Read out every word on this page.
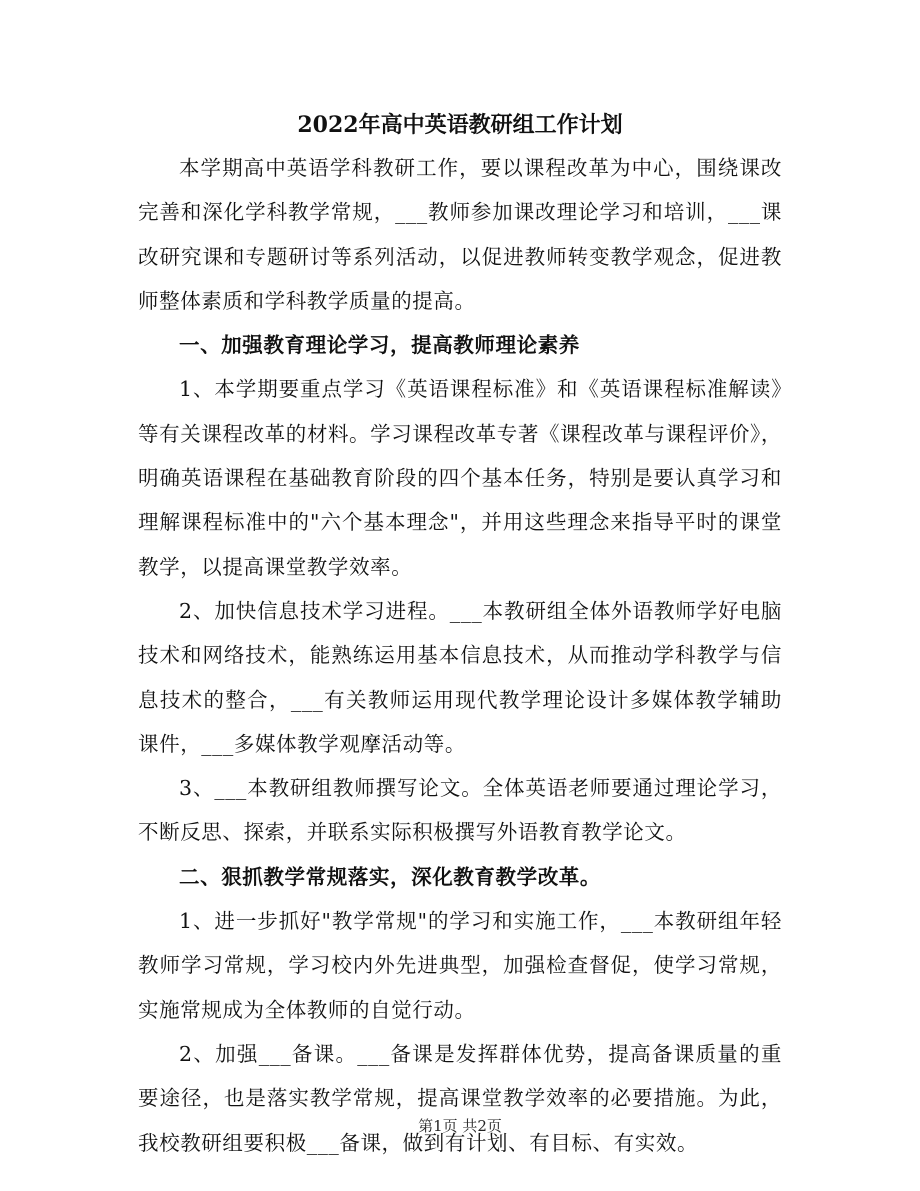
2022年高中英语教研组工作计划

本学期高中英语学科教研工作，要以课程改革为中心，围绕课改完善和深化学科教学常规，___教师参加课改理论学习和培训，___课改研究课和专题研讨等系列活动，以促进教师转变教学观念，促进教师整体素质和学科教学质量的提高。

一、加强教育理论学习，提高教师理论素养

1、本学期要重点学习《英语课程标准》和《英语课程标准解读》等有关课程改革的材料。学习课程改革专著《课程改革与课程评价》，明确英语课程在基础教育阶段的四个基本任务，特别是要认真学习和理解课程标准中的"六个基本理念"，并用这些理念来指导平时的课堂教学，以提高课堂教学效率。

2、加快信息技术学习进程。___本教研组全体外语教师学好电脑技术和网络技术，能熟练运用基本信息技术，从而推动学科教学与信息技术的整合，___有关教师运用现代教学理论设计多媒体教学辅助课件，___多媒体教学观摩活动等。

3、___本教研组教师撰写论文。全体英语老师要通过理论学习，不断反思、探索，并联系实际积极撰写外语教育教学论文。

二、狠抓教学常规落实，深化教育教学改革。

1、进一步抓好"教学常规"的学习和实施工作，___本教研组年轻教师学习常规，学习校内外先进典型，加强检查督促，使学习常规，实施常规成为全体教师的自觉行动。

2、加强___备课。___备课是发挥群体优势，提高备课质量的重要途径，也是落实教学常规，提高课堂教学效率的必要措施。为此，我校教研组要积极___备课，做到有计划、有目标、有实效。

第1页 共2页
